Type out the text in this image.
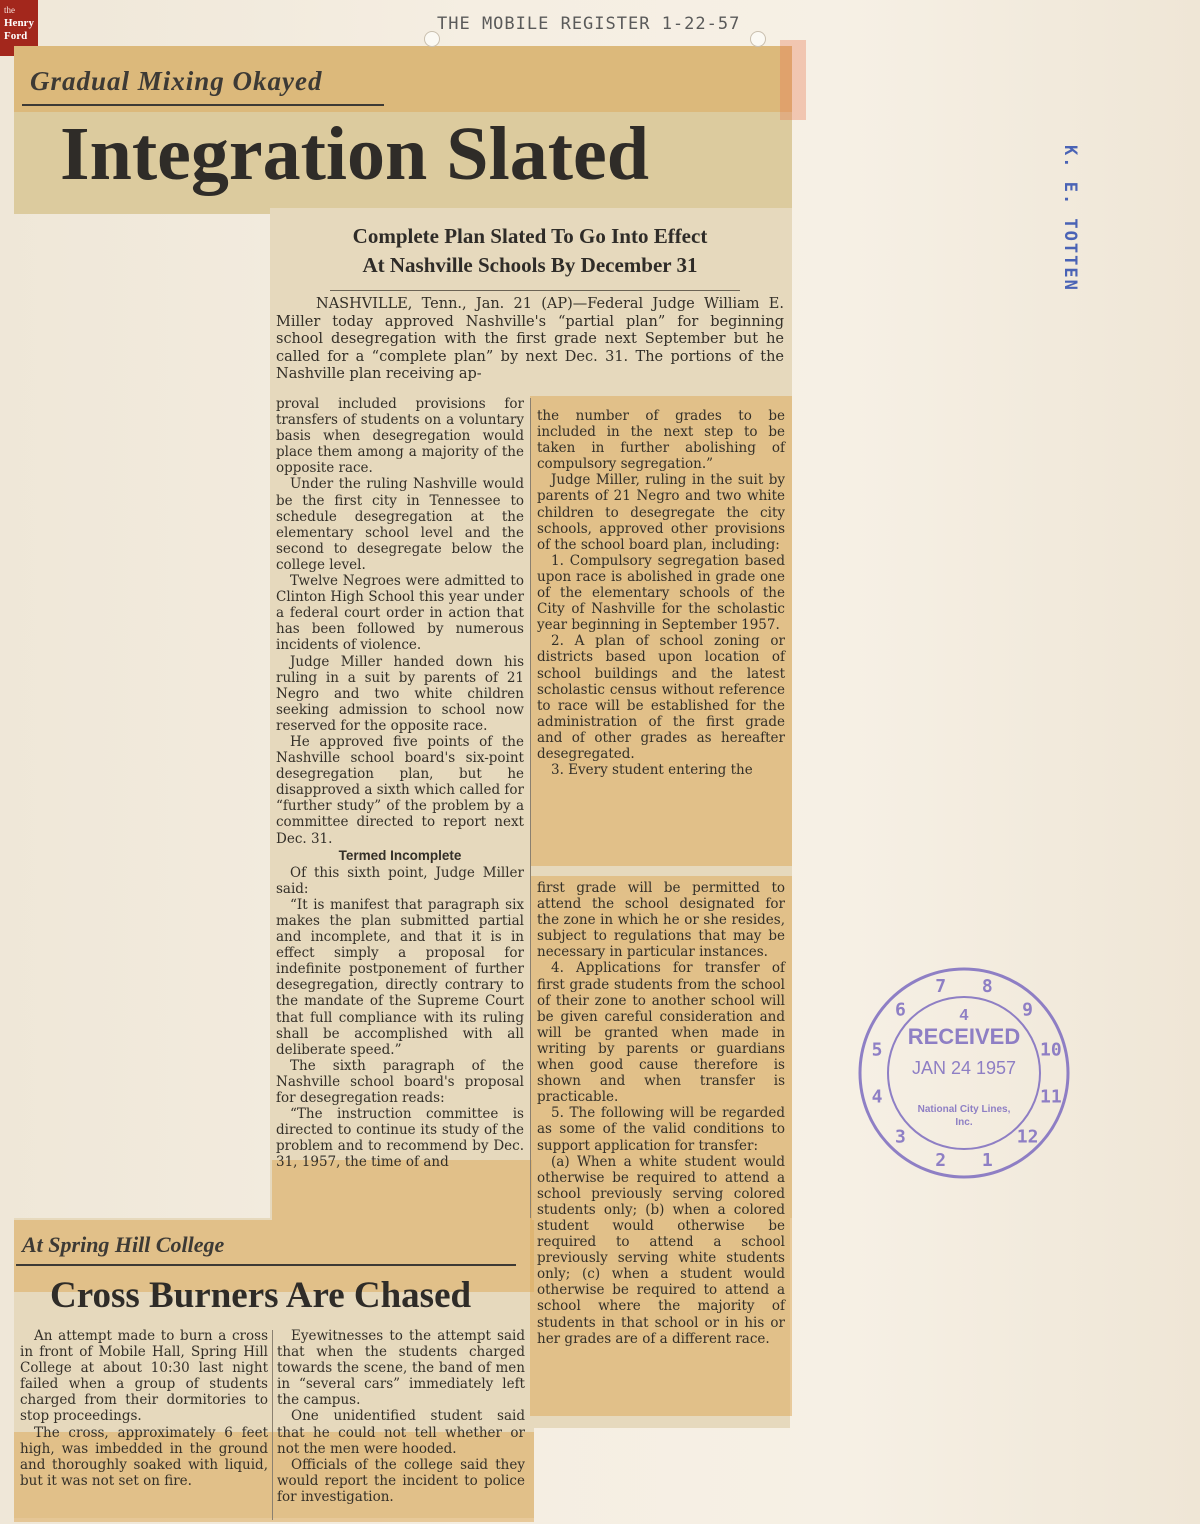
the
Henry
Ford
THE MOBILE REGISTER 1-22-57
Gradual Mixing Okayed
Integration Slated
Complete Plan Slated To Go Into Effect
At Nashville Schools By December 31
NASHVILLE, Tenn., Jan. 21 (AP)—Federal Judge William E. Miller today approved Nashville's “partial plan” for beginning school desegregation with the first grade next September but he called for a “complete plan” by next Dec. 31. The portions of the Nashville plan receiving ap-

proval included provisions for transfers of students on a voluntary basis when desegregation would place them among a majority of the opposite race.

Under the ruling Nashville would be the first city in Tennessee to schedule desegregation at the elementary school level and the second to desegregate below the college level.

Twelve Negroes were admitted to Clinton High School this year under a federal court order in action that has been followed by numerous incidents of violence.

Judge Miller handed down his ruling in a suit by parents of 21 Negro and two white children seeking admission to school now reserved for the opposite race.

He approved five points of the Nashville school board's six-point desegregation plan, but he disapproved a sixth which called for “further study” of the problem by a committee directed to report next Dec. 31.

Termed Incomplete

Of this sixth point, Judge Miller said:

“It is manifest that paragraph six makes the plan submitted partial and incomplete, and that it is in effect simply a proposal for indefinite postponement of further desegregation, directly contrary to the mandate of the Supreme Court that full compliance with its ruling shall be accomplished with all deliberate speed.”

The sixth paragraph of the Nashville school board's proposal for desegregation reads:

“The instruction committee is directed to continue its study of the problem and to recommend by Dec. 31, 1957, the time of and

the number of grades to be included in the next step to be taken in further abolishing of compulsory segregation.”

Judge Miller, ruling in the suit by parents of 21 Negro and two white children to desegregate the city schools, approved other provisions of the school board plan, including:

1. Compulsory segregation based upon race is abolished in grade one of the elementary schools of the City of Nashville for the scholastic year beginning in September 1957.

2. A plan of school zoning or districts based upon location of school buildings and the latest scholastic census without reference to race will be established for the administration of the first grade and of other grades as hereafter desegregated.

3. Every student entering the

first grade will be permitted to attend the school designated for the zone in which he or she resides, subject to regulations that may be necessary in particular instances.

4. Applications for transfer of first grade students from the school of their zone to another school will be given careful consideration and will be granted when made in writing by parents or guardians when good cause therefore is shown and when transfer is practicable.

5. The following will be regarded as some of the valid conditions to support application for transfer:

(a) When a white student would otherwise be required to attend a school previously serving colored students only; (b) when a colored student would otherwise be required to attend a school previously serving white students only; (c) when a student would otherwise be required to attend a school where the majority of students in that school or in his or her grades are of a different race.

At Spring Hill College
Cross Burners Are Chased

An attempt made to burn a cross in front of Mobile Hall, Spring Hill College at about 10:30 last night failed when a group of students charged from their dormitories to stop proceedings.

The cross, approximately 6 feet high, was imbedded in the ground and thoroughly soaked with liquid, but it was not set on fire.

Eyewitnesses to the attempt said that when the students charged towards the scene, the band of men in “several cars” immediately left the campus.

One unidentified student said that he could not tell whether or not the men were hooded.

Officials of the college said they would report the incident to police for investigation.

K. E. TOTTEN
8
9
10
11
12
1
2
3
4
5
6
7
4
RECEIVED
JAN 24 1957
National City Lines,
Inc.
